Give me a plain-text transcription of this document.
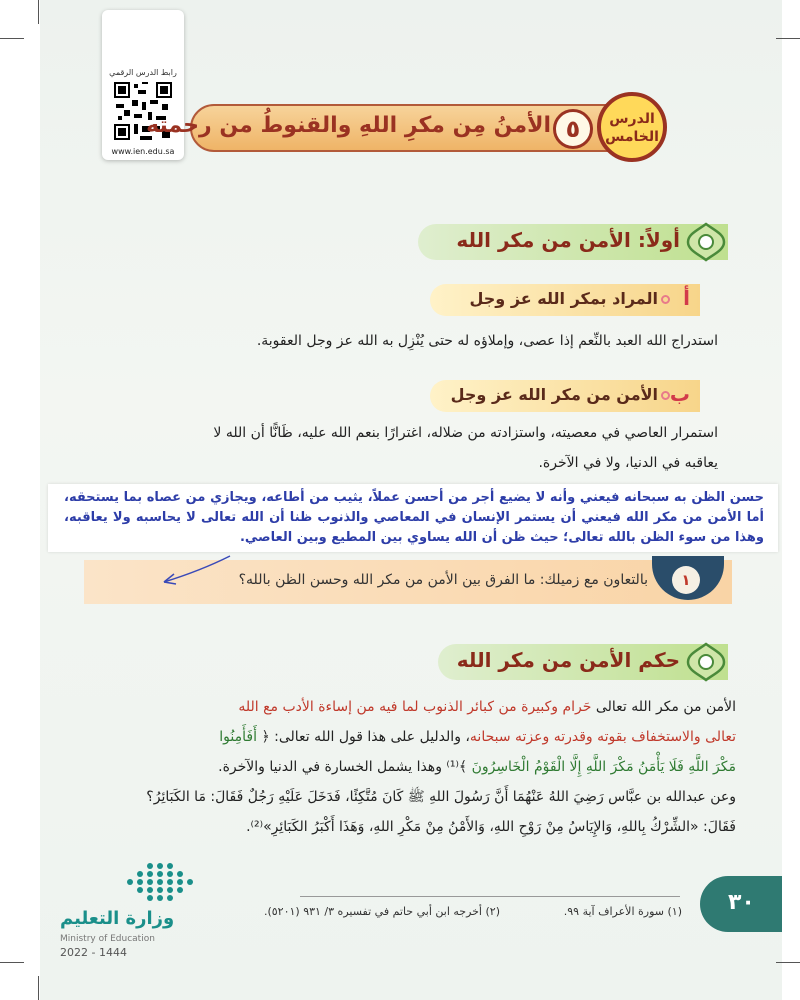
رابط الدرس الرقمي
www.ien.edu.sa
الأمنُ مِن مكرِ اللهِ والقنوطُ من رحمته ٥	الدرس
الخامس
أولاً: الأمن من مكر الله
أ
المراد بمكر الله عز وجل
استدراج الله العبد بالنِّعم إذا عصى، وإملاؤه له حتى يُنْزِل به الله عز وجل العقوبة.
ب
الأمن من مكر الله عز وجل
استمرار العاصي في معصيته، واستزادته من ضلاله، اغترارًا بنعم الله عليه، ظَانًّا أن الله لا
يعاقبه في الدنيا، ولا في الآخرة.
بالتعاون مع زميلك: ما الفرق بين الأمن من مكر الله وحسن الظن بالله؟	١
حسن الظن به سبحانه فيعني وأنه لا يضيع أجر من أحسن عملاً، يثيب من أطاعه، ويجازي من عصاه بما يستحقه، أما الأمن من مكر الله فيعني أن يستمر الإنسان في المعاصي والذنوب ظنا أن الله تعالى لا يحاسبه ولا يعاقبه، وهذا من سوء الظن بالله تعالى؛ حيث ظن أن الله يساوي بين المطيع وبين العاصي.
حكم الأمن من مكر الله
الأمن من مكر الله تعالى حَرام وكبيرة من كبائر الذنوب لما فيه من إساءة الأدب مع الله
تعالى والاستخفاف بقوته وقدرته وعزته سبحانه، والدليل على هذا قول الله تعالى: ﴿ أَفَأَمِنُوا
مَكْرَ اللَّهِ فَلَا يَأْمَنُ مَكْرَ اللَّهِ إِلَّا الْقَوْمُ الْخَاسِرُونَ ﴾⁽¹⁾ وهذا يشمل الخسارة في الدنيا والآخرة.
وعن عبدالله بن عبَّاس رَضِيَ اللهُ عَنْهُمَا أَنَّ رَسُولَ اللهِ ﷺ كَانَ مُتَّكِئًا، فَدَخَلَ عَلَيْهِ رَجُلٌ فَقَالَ: مَا الكَبَائِرُ؟
فَقَالَ: «الشِّرْكُ بِاللهِ، وَالإِيَاسُ مِنْ رَوْحِ اللهِ، وَالأَمْنُ مِنْ مَكْرِ اللهِ، وَهَذَا أَكْبَرُ الكَبَائِرِ»⁽²⁾.
٣٠
(١) سورة الأعراف آية ٩٩.
(٢) أخرجه ابن أبي حاتم في تفسيره ٣/ ٩٣١ (٥٢٠١).
وزارة التعليم
Ministry of Education
2022 - 1444
